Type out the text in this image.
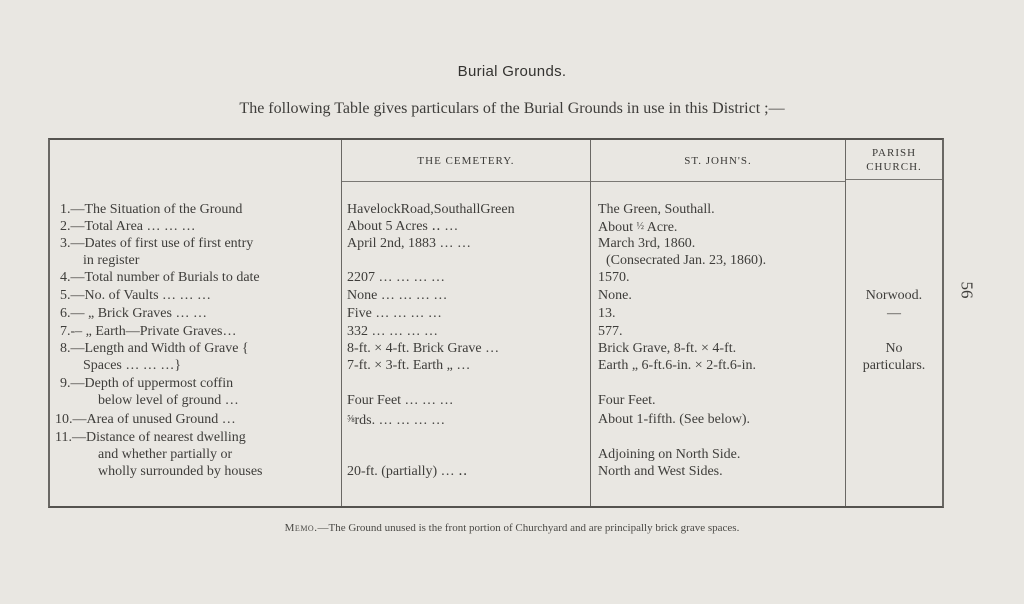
Burial Grounds.
The following Table gives particulars of the Burial Grounds in use in this District ;—
56
THE CEMETERY.	ST. JOHN'S.
PARISH
CHURCH.
1.—The Situation of the Ground
2.—Total Area … … …
3.—Dates of first use of first entry
in register
4.—Total number of Burials to date
5.—No. of Vaults … … …
6.— „ Brick Graves … …
7.-– „ Earth—Private Graves…
8.—Length and Width of Grave {
Spaces … … …}
9.—Depth of uppermost coffin
below level of ground …
10.—Area of unused Ground …
11.—Distance of nearest dwelling
and whether partially or
wholly surrounded by houses
HavelockRoad,SouthallGreen
About 5 Acres ‥ …
April 2nd, 1883 … …
2207 … … … …
None … … … …
Five … … … …
332 … … … …
8-ft. × 4-ft. Brick Grave …
7-ft. × 3-ft. Earth „ …
Four Feet … … …
⅝rds. … … … …
20-ft. (partially) … ‥
The Green, Southall.
About ½ Acre.
March 3rd, 1860.
(Consecrated Jan. 23, 1860).
1570.
None.
13.
577.
Brick Grave, 8-ft. × 4-ft.
Earth „ 6-ft.6-in. × 2-ft.6-in.
Four Feet.
About 1-fifth. (See below).
Adjoining on North Side.
North and West Sides.
Norwood.
—
No
particulars.
Memo.—The Ground unused is the front portion of Churchyard and are principally brick grave spaces.
